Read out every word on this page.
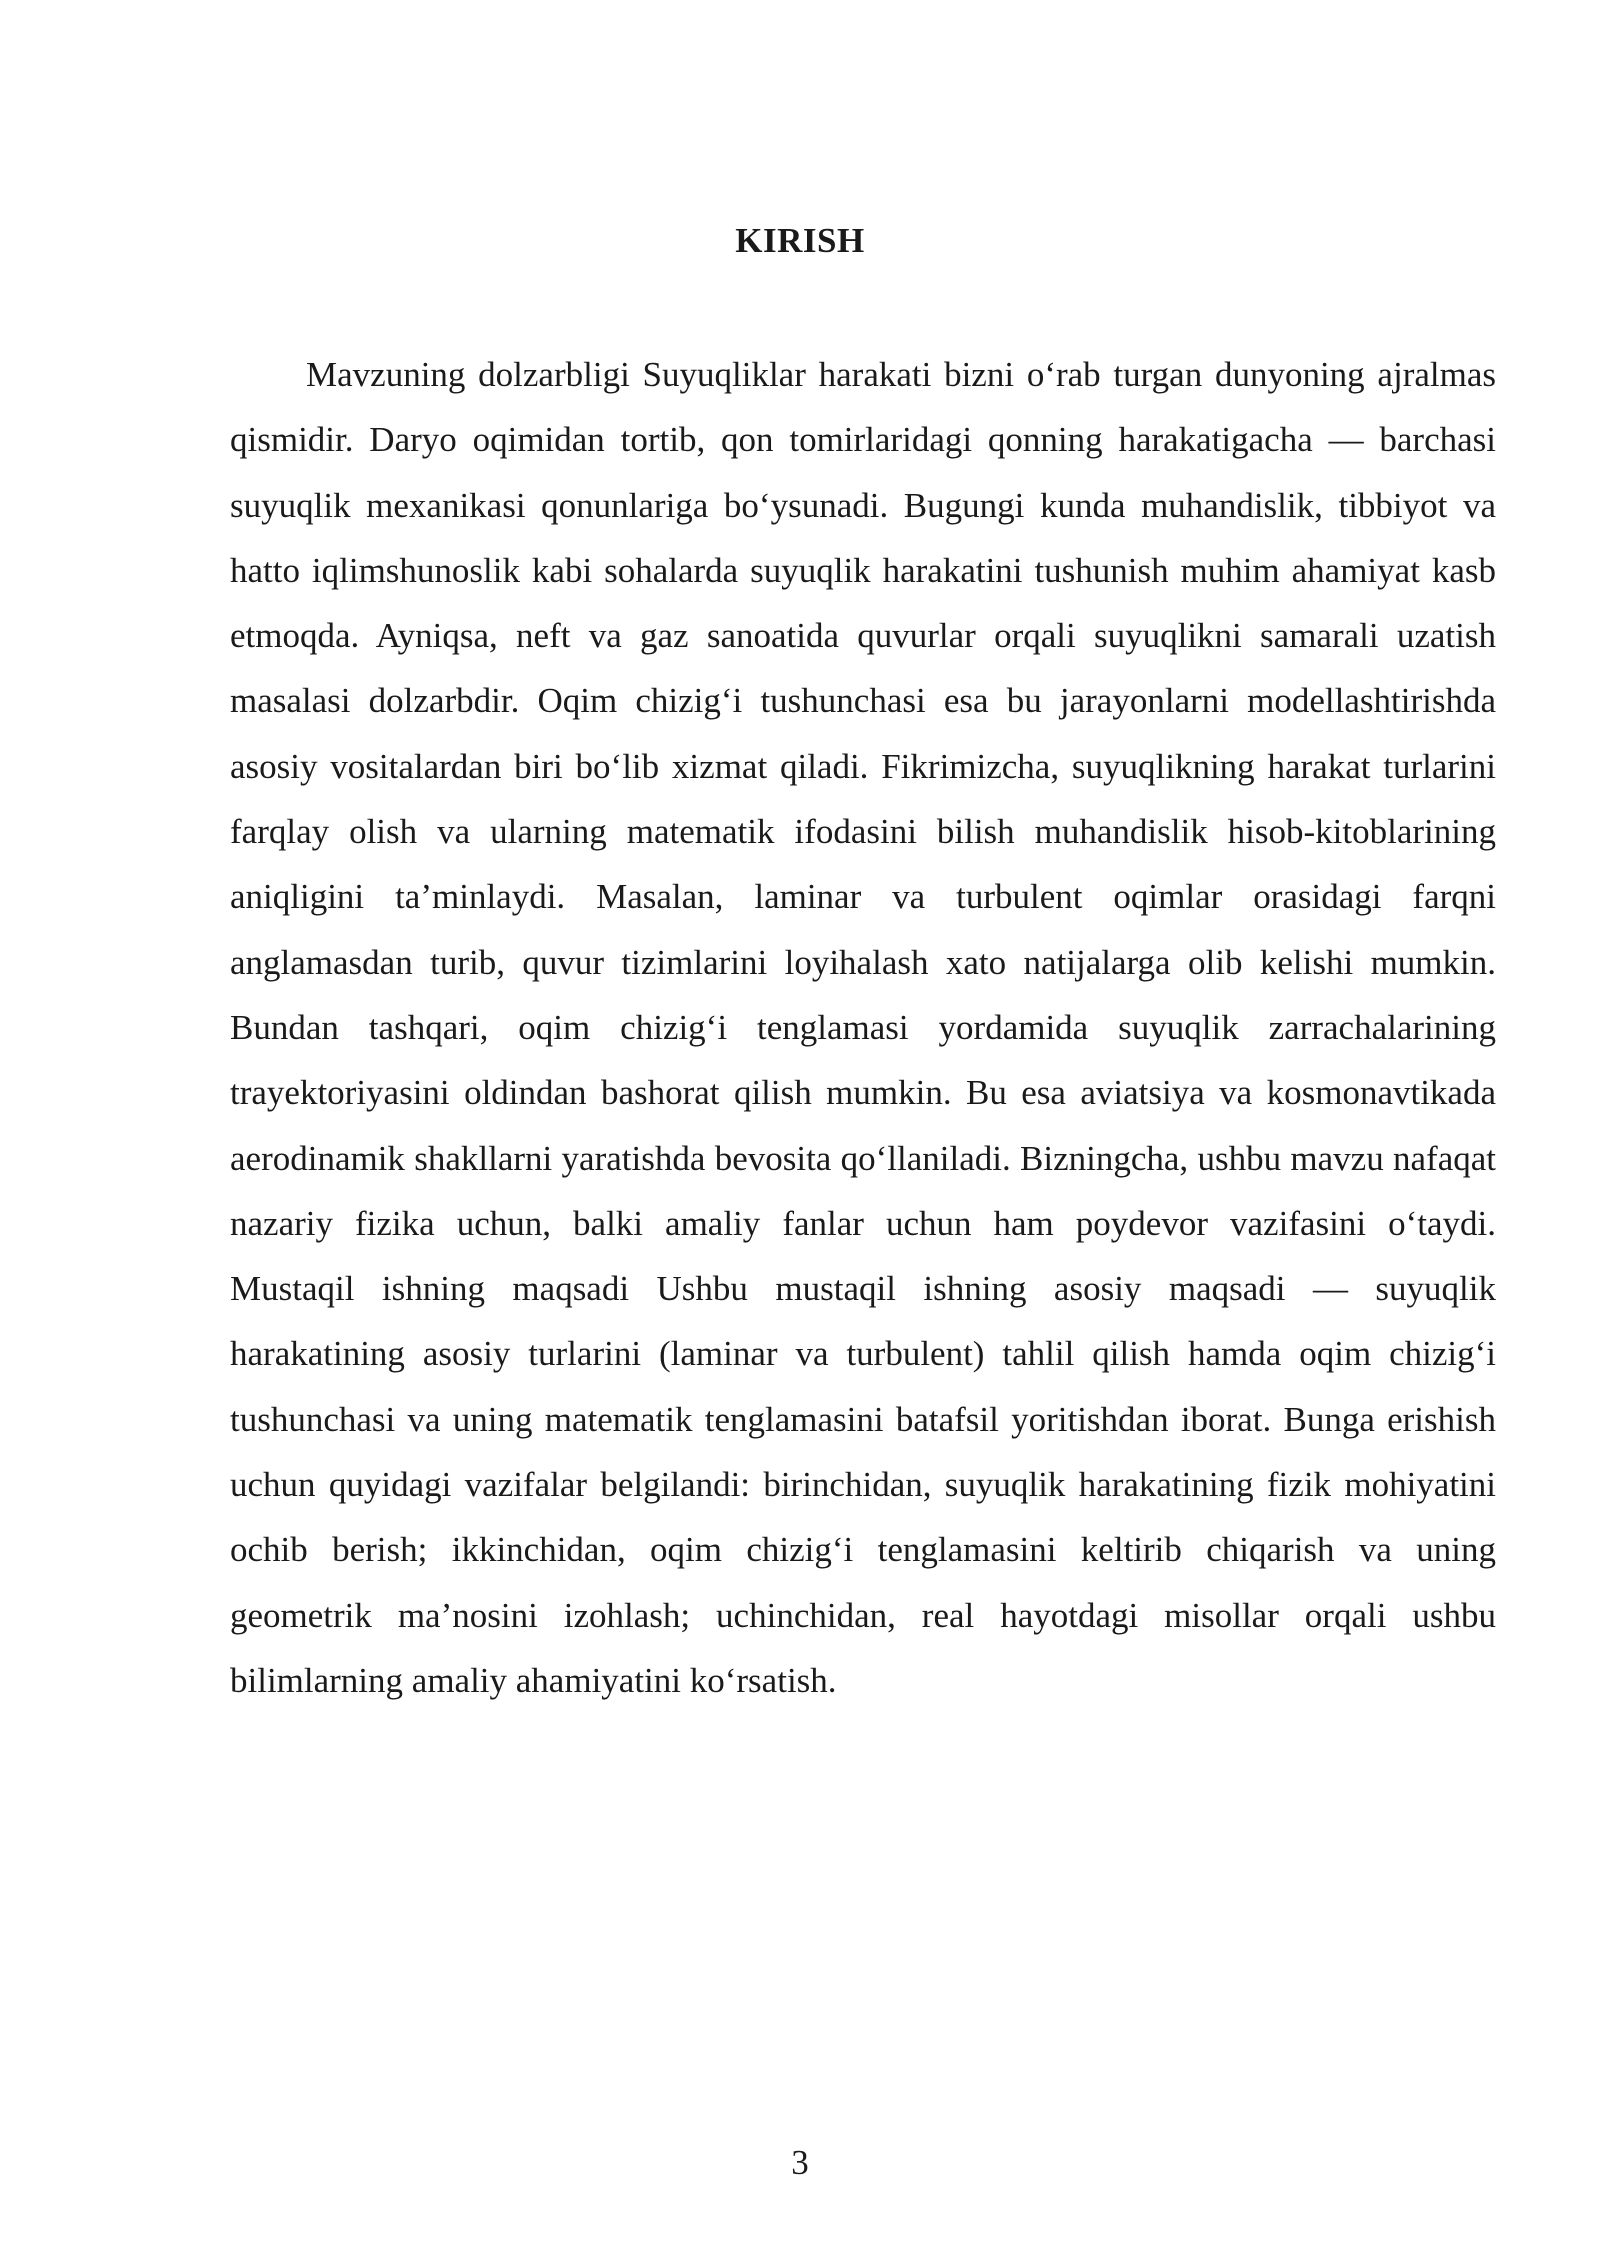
KIRISH

Mavzuning dolzarbligi Suyuqliklar harakati bizni o‘rab turgan dunyoning ajralmas qismidir. Daryo oqimidan tortib, qon tomirlaridagi qonning harakatigacha — barchasi suyuqlik mexanikasi qonunlariga bo‘ysunadi. Bugungi kunda muhandislik, tibbiyot va hatto iqlimshunoslik kabi sohalarda suyuqlik harakatini tushunish muhim ahamiyat kasb etmoqda. Ayniqsa, neft va gaz sanoatida quvurlar orqali suyuqlikni samarali uzatish masalasi dolzarbdir. Oqim chizig‘i tushunchasi esa bu jarayonlarni modellashtirishda asosiy vositalardan biri bo‘lib xizmat qiladi. Fikrimizcha, suyuqlikning harakat turlarini farqlay olish va ularning matematik ifodasini bilish muhandislik hisob-kitoblarining aniqligini ta’minlaydi. Masalan, laminar va turbulent oqimlar orasidagi farqni anglamasdan turib, quvur tizimlarini loyihalash xato natijalarga olib kelishi mumkin. Bundan tashqari, oqim chizig‘i tenglamasi yordamida suyuqlik zarrachalarining trayektoriyasini oldindan bashorat qilish mumkin. Bu esa aviatsiya va kosmonavtikada aerodinamik shakllarni yaratishda bevosita qo‘llaniladi. Bizningcha, ushbu mavzu nafaqat nazariy fizika uchun, balki amaliy fanlar uchun ham poydevor vazifasini o‘taydi. Mustaqil ishning maqsadi Ushbu mustaqil ishning asosiy maqsadi — suyuqlik harakatining asosiy turlarini (laminar va turbulent) tahlil qilish hamda oqim chizig‘i tushunchasi va uning matematik tenglamasini batafsil yoritishdan iborat. Bunga erishish uchun quyidagi vazifalar belgilandi: birinchidan, suyuqlik harakatining fizik mohiyatini ochib berish; ikkinchidan, oqim chizig‘i tenglamasini keltirib chiqarish va uning geometrik ma’nosini izohlash; uchinchidan, real hayotdagi misollar orqali ushbu bilimlarning amaliy ahamiyatini ko‘rsatish.

3
